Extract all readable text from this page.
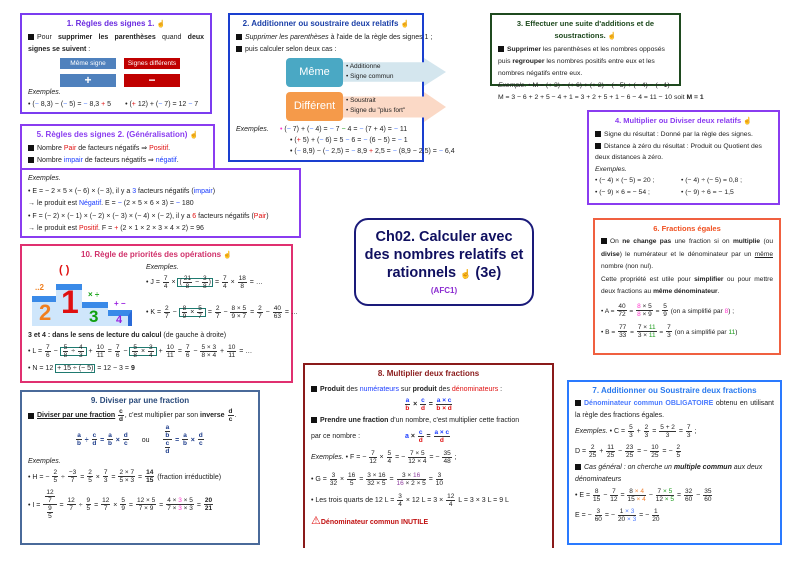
1. Règles des signes 1. ☝
Pour supprimer les parenthèses quand deux signes se suivent :
Même signe
+
Signes différents
−
Exemples.
• (− 8,3) − (− 5) = − 8,3 + 5 • (+ 12) + (− 7) = 12 − 7
2. Additionner ou soustraire deux relatifs ☝
Supprimer les parenthèses à l'aide de la règle des signes 1 ;
puis calculer selon deux cas :
Même	• Additionne
• Signe commun
Différent	• Soustrait
• Signe du "plus fort"
Exemples. • (− 7) + (− 4) = − 7 − 4 = − (7 + 4) = − 11
• (+ 5) + (− 6) = 5 − 6 = − (6 − 5) = − 1
• (− 8,9) − (− 2,5) = − 8,9 + 2,5 = − (8,9 − 2,5) = − 6,4
3. Effectuer une suite d'additions et de soustractions. ☝
Supprimer les parenthèses et les nombres opposés puis regrouper les nombres positifs entre eux et les nombres négatifs entre eux.
Exemple. • M = (+ 3) − (+ 6) + (+ 2) − (− 5) + (− 4) − (− 1)
M = 3 − 6 + 2 + 5 − 4 + 1 = 3 + 2 + 5 + 1 − 6 − 4 = 11 − 10 soit M = 1
5. Règles des signes 2. (Généralisation) ☝
Nombre Pair de facteurs négatifs ⇒ Positif.
Nombre impair de facteurs négatifs ⇒ négatif.
Exemples.
• E = − 2 × 5 × (− 6) × (− 3), il y a 3 facteurs négatifs (impair)
→ le produit est Négatif. E = − (2 × 5 × 6 × 3) = − 180
• F = (− 2) × (− 1) × (− 2) × (− 3) × (− 4) × (− 2), il y a 6 facteurs négatifs (Pair)
→ le produit est Positif. F = + (2 × 1 × 2 × 3 × 4 × 2) = 96
4. Multiplier ou Diviser deux relatifs ☝
Signe du résultat : Donné par la règle des signes.
Distance à zéro du résultat : Produit ou Quotient des deux distances à zéro.
Exemples.
• (− 4) × (− 5) = 20 ;	• (− 4) ÷ (− 5) = 0,8 ;
• (− 9) × 6 = − 54 ;	• (− 9) ÷ 6 = − 1,5
Ch02. Calculer avec des nombres relatifs et rationnels ☝ (3e)
(AFC1)
6. Fractions égales
On ne change pas une fraction si on multiplie (ou divise) le numérateur et le dénominateur par un même nombre (non nul).
Cette propriété est utile pour simplifier ou pour mettre deux fractions au même dénominateur.
• $A = \frac{40}{72} = \frac{8 \times 5}{8 \times 9} = \frac{5}{9} (on$ a simplifié par 8) ;
• $B = \frac{77}{33} = \frac{7 \times 11}{3 \times 11} = \frac{7}{3} (on$ a simplifié par 11)
10. Règle de priorités des opérations ☝
( )
..2 1
2
× ÷
3
+ −
4
Exemples.
• $J = \frac{7}{4}$ × ( $\frac{21}{8} - \frac{3}{8}$ ) = $\frac{7}{4} \times \frac{18}{8}$ = …
• $K = \frac{2}{7} - \frac{8}{9} \times \frac{5}{7} = \frac{2}{7} - \frac{8 \times 5}{9 \times 7} = \frac{2}{7} - \frac{40}{63}$ = …
3 et 4 : dans le sens de lecture du calcul (de gauche à droite)
• $L = \frac{7}{6} - \frac{5}{8} \div \frac{4}{3} + \frac{10}{11} = \frac{7}{6} - \frac{5}{8} \times \frac{3}{4} + \frac{10}{11} = \frac{7}{6} - \frac{5 \times 3}{8 \times 4} + \frac{10}{11}$ = …
• N = 12 + 15 ÷ (− 5) = 12 − 3 = 9
9. Diviser par une fraction
Diviser par une fraction $\frac{c}{d}$ , c'est multiplier par son inverse $\frac{d}{c}$ .
$\frac{a}{b} \div \frac{c}{d} = \frac{a}{b} \times \frac{d}{c}$ ou $\frac{\frac{a}{b}}{\frac{c}{d}} = \frac{a}{b} \times \frac{d}{c}$
Exemples.
• H = − $\frac{2}{5} \div \frac{-3}{7} = \frac{2}{5} \times \frac{7}{3} = \frac{2 \times 7}{5 \times 3} = \frac{14}{15}$ (fraction irréductible)
• $I = \frac{\frac{12}{7}}{\frac{9}{5}} = \frac{12}{7} \div \frac{9}{5} = \frac{12}{7} \times \frac{5}{9} = \frac{12 \times 5}{7 \times 9} = \frac{4 \times 3 \times 5}{7 \times 3 \times 3} = \frac{20}{21}$
8. Multiplier deux fractions
Produit des numérateurs sur produit des dénominateurs :
$\frac{a}{b} \times \frac{c}{d} = \frac{a \times c}{b \times d}$
Prendre une fraction d'un nombre, c'est multiplier cette fraction
par ce nombre :	$a \times \frac{c}{d} = \frac{a \times c}{d}$
Exemples. • F = − $\frac{7}{12} \times \frac{5}{4}$ = − $\frac{7 \times 5}{12 \times 4}$ = − $\frac{35}{48}$ ;
• $G = \frac{3}{32} \times \frac{16}{5} = \frac{3 \times 16}{32 \times 5} = \frac{3 \times 16}{16 \times 2 \times 5} = \frac{3}{10}$
• Les trois quarts de 12 $L = \frac{3}{4} \times 12$ $L = 3 \times \frac{12}{4}$ L = 3 × 3 L = 9 L
⚠Dénominateur commun INUTILE
7. Additionner ou Soustraire deux fractions
Dénominateur commun OBLIGATOIRE obtenu en utilisant la règle des fractions égales.
Exemples. • $C = \frac{5}{3} + \frac{2}{3} = \frac{5 + 2}{3} = \frac{7}{3}$ ;
$D = \frac{2}{25} + \frac{11}{25} - \frac{23}{25}$ = − $\frac{10}{25}$ = − $\frac{2}{5}$
Cas général : on cherche un multiple commun aux deux dénominateurs
• $E = \frac{8}{15} - \frac{7}{12} = \frac{8 \times 4}{15 \times 4} - \frac{7 \times 5}{12 \times 5} = \frac{32}{60} - \frac{35}{60}$
E = − $\frac{3}{60}$ = − $\frac{1 \times 3}{20 \times 3}$ = − $\frac{1}{20}$
